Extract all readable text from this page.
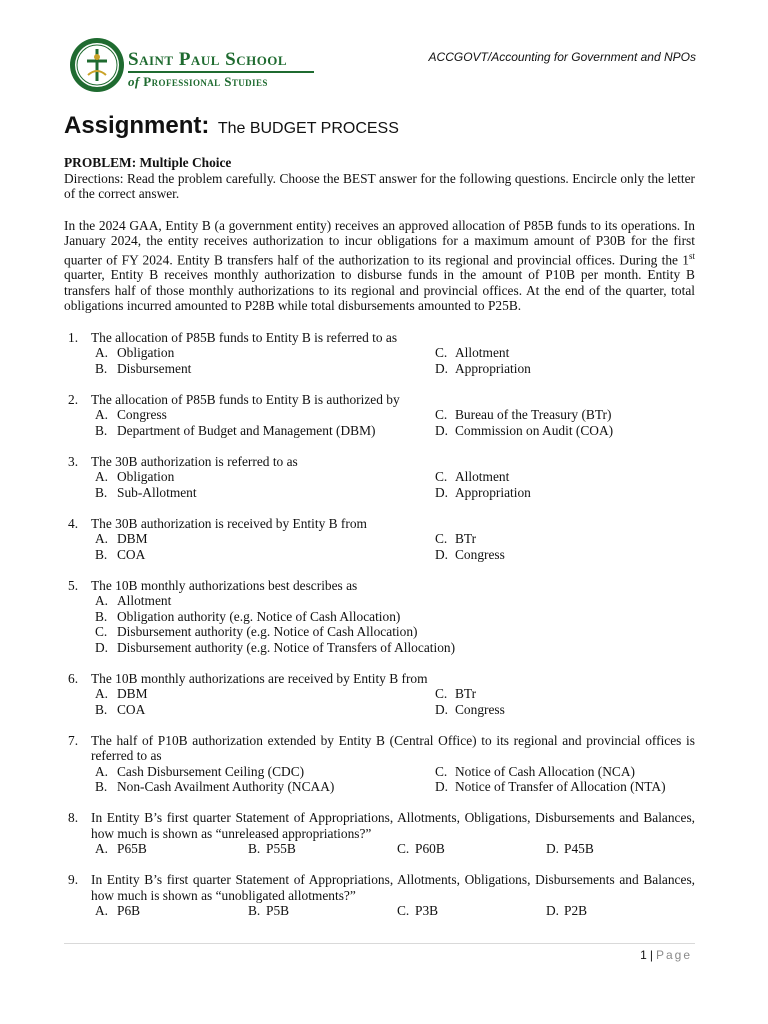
Saint Paul School
of Professional Studies
ACCGOVT/Accounting for Government and NPOs
Assignment: The BUDGET PROCESS
PROBLEM: Multiple Choice
Directions: Read the problem carefully. Choose the BEST answer for the following questions. Encircle only the letter of the correct answer.
In the 2024 GAA, Entity B (a government entity) receives an approved allocation of P85B funds to its operations. In January 2024, the entity receives authorization to incur obligations for a maximum amount of P30B for the first quarter of FY 2024. Entity B transfers half of the authorization to its regional and provincial offices. During the 1st quarter, Entity B receives monthly authorization to disburse funds in the amount of P10B per month. Entity B transfers half of those monthly authorizations to its regional and provincial offices. At the end of the quarter, total obligations incurred amounted to P28B while total disbursements amounted to P25B.
1. The allocation of P85B funds to Entity B is referred to as
A. Obligation	C. Allotment
B. Disbursement	D. Appropriation
2. The allocation of P85B funds to Entity B is authorized by
A. Congress	C. Bureau of the Treasury (BTr)
B. Department of Budget and Management (DBM)	D. Commission on Audit (COA)
3. The 30B authorization is referred to as
A. Obligation	C. Allotment
B. Sub-Allotment	D. Appropriation
4. The 30B authorization is received by Entity B from
A. DBM	C. BTr
B. COA	D. Congress
5. The 10B monthly authorizations best describes as
A. Allotment
B. Obligation authority (e.g. Notice of Cash Allocation)
C. Disbursement authority (e.g. Notice of Cash Allocation)
D. Disbursement authority (e.g. Notice of Transfers of Allocation)
6. The 10B monthly authorizations are received by Entity B from
A. DBM	C. BTr
B. COA	D. Congress
7. The half of P10B authorization extended by Entity B (Central Office) to its regional and provincial offices is referred to as
A. Cash Disbursement Ceiling (CDC)	C. Notice of Cash Allocation (NCA)
B. Non-Cash Availment Authority (NCAA)	D. Notice of Transfer of Allocation (NTA)
8. In Entity B’s first quarter Statement of Appropriations, Allotments, Obligations, Disbursements and Balances, how much is shown as “unreleased appropriations?”
A. P65B	B. P55B	C. P60B	D. P45B
9. In Entity B’s first quarter Statement of Appropriations, Allotments, Obligations, Disbursements and Balances, how much is shown as “unobligated allotments?”
A. P6B	B. P5B	C. P3B	D. P2B
1 | Page
